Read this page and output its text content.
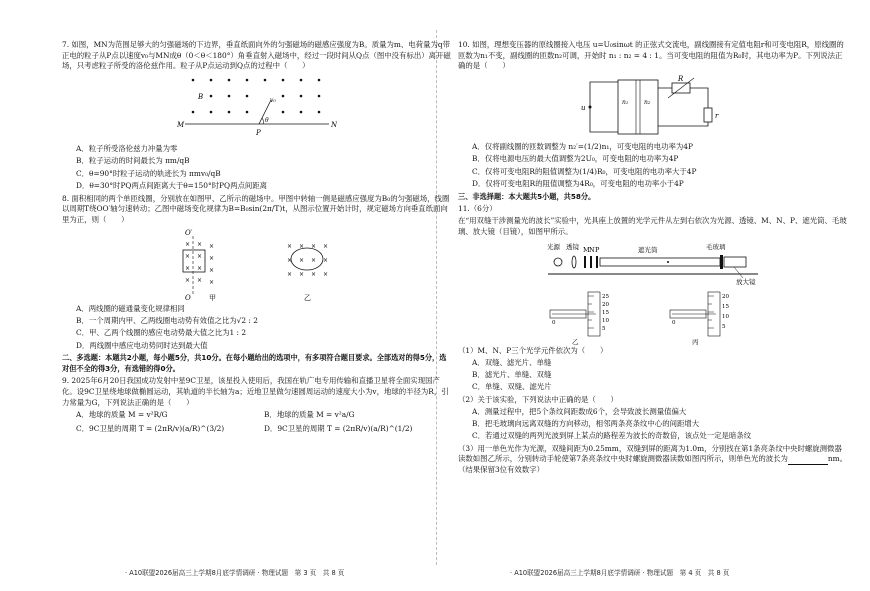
7. 如图，MN为范围足够大的匀强磁场的下边界，垂直纸面向外的匀强磁场的磁感应强度为B。质量为m、电荷量为q带正电的粒子从P点以速度v₀与MN成θ（0＜θ＜180°）角垂直射入磁场中，经过一段时间从Q点（图中没有标出）离开磁场，只考虑粒子所受的洛伦兹作用。粒子从P点运动到Q点的过程中（　　）

B	v₀
θ
M	N
P

A．粒子所受洛伦兹力冲量为零

B．粒子运动的时间最长为 πm/qB

C．θ=90°时粒子运动的轨迹长为 πmv₀/qB

D．θ=30°时PQ两点间距离大于θ=150°时PQ两点间距离

8. 面积相同的两个单匝线圈，分别放在如图甲、乙所示的磁场中。甲图中转轴一侧是磁感应强度为B₀的匀强磁场，线圈以周期T绕OO′轴匀速转动；乙图中磁场变化规律为B=B₀sin(2π/T)t，从图示位置开始计时，规定磁场方向垂直纸面向里为正，则（　　）

× ×
× ×
×
×
×
×
× ×
× ×	× × × ×
×	×
× × × ×
× ×
O′
O	甲	乙

A．两线圈的磁通量变化规律相同

B．一个周期内甲、乙两线圈电动势有效值之比为√2 : 2

C．甲、乙两个线圈的感应电动势最大值之比为1 : 2

D．两线圈中感应电动势同时达到最大值

二、多选题：本题共2小题，每小题5分，共10分。在每小题给出的选项中，有多项符合题目要求。全部选对的得5分，选对但不全的得3分，有选错的得0分。

9. 2025年6月20日我国成功发射中星9C卫星，该星投入使用后，我国在轨广电专用传输和直播卫星将全面实现国产化。设9C卫星绕地球做椭圆运动，其轨道的半长轴为a；近地卫星做匀速圆周运动的速度大小为v，地球的半径为R，引力常量为G，下列说法正确的是（　　）

A．地球的质量 M = v²R/G	B．地球的质量 M = v²a/G
C．9C卫星的周期 T = (2πR/v)(a/R)^(3/2)	D．9C卫星的周期 T = (2πR/v)(a/R)^(1/2)
· A10联盟2026届高三上学期8月底学情调研 · 物理试题　第 3 页　共 8 页

10. 如图，理想变压器的原线圈接入电压 u=U₀sinωt 的正弦式交流电，副线圈接有定值电阻r和可变电阻R，原线圈的匝数为n₁不变，副线圈的匝数n₂可调，开始时 n₁ : n₂ = 4 : 1。当可变电阻的阻值为R₀时，其电功率为P。下列说法正确的是（　　）

u
n₁	n₂
R
r

A．仅将副线圈的匝数调整为 n₂′=(1/2)n₁，可变电阻的电功率为4P

B．仅将电源电压的最大值调整为2U₀，可变电阻的电功率为4P

C．仅将可变电阻R的阻值调整为(1/4)R₀，可变电阻的电功率大于4P

D．仅将可变电阻R的阻值调整为4R₀，可变电阻的电功率小于4P

三、非选择题：本大题共5小题，共58分。

11.（6分）

在“用双缝干涉测量光的波长”实验中，光具座上放置的光学元件从左到右依次为光源、透镜、M、N、P、遮光筒、毛玻璃、放大镜（目镜），如图甲所示。

光源 透镜 M N P	遮光筒	毛玻璃
放大镜
25
20
15
10
5
0
乙
20
15
10
5
0
丙

（1）M、N、P三个光学元件依次为（　　）

A．双缝、滤光片、单缝

B．滤光片、单缝、双缝

C．单缝、双缝、滤光片

（2）关于该实验，下列说法中正确的是（　　）

A．测量过程中，把5个条纹间距数成6个，会导致波长测量值偏大

B．把毛玻璃向远离双缝的方向移动，相邻两条亮条纹中心的间距增大

C．若通过双缝的两列光波到屏上某点的路程差为波长的奇数倍，该点处一定是暗条纹

（3）用一单色光作为光源，双缝间距为0.25mm，双缝到屏的距离为1.0m，分别找在第1条亮条纹中央时螺旋测微器读数如图乙所示，分别转动手轮使第7条亮条纹中央时螺旋测微器读数如图丙所示，则单色光的波长为	nm。（结果保留3位有效数字）

· A10联盟2026届高三上学期8月底学情调研 · 物理试题　第 4 页　共 8 页
